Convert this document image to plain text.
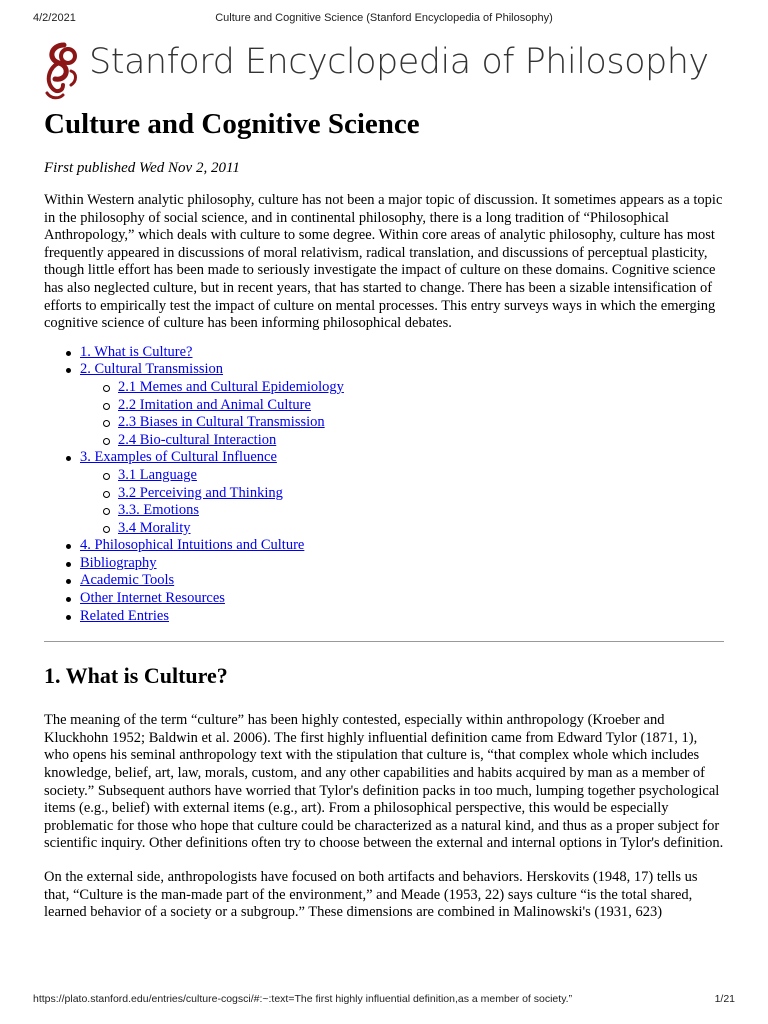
4/2/2021	Culture and Cognitive Science (Stanford Encyclopedia of Philosophy)
Stanford Encyclopedia of Philosophy
Culture and Cognitive Science
First published Wed Nov 2, 2011
Within Western analytic philosophy, culture has not been a major topic of discussion. It sometimes appears as a topic in the philosophy of social science, and in continental philosophy, there is a long tradition of “Philosophical Anthropology,” which deals with culture to some degree. Within core areas of analytic philosophy, culture has most frequently appeared in discussions of moral relativism, radical translation, and discussions of perceptual plasticity, though little effort has been made to seriously investigate the impact of culture on these domains. Cognitive science has also neglected culture, but in recent years, that has started to change. There has been a sizable intensification of efforts to empirically test the impact of culture on mental processes. This entry surveys ways in which the emerging cognitive science of culture has been informing philosophical debates.
1. What is Culture?
2. Cultural Transmission
2.1 Memes and Cultural Epidemiology
2.2 Imitation and Animal Culture
2.3 Biases in Cultural Transmission
2.4 Bio-cultural Interaction
3. Examples of Cultural Influence
3.1 Language
3.2 Perceiving and Thinking
3.3. Emotions
3.4 Morality
4. Philosophical Intuitions and Culture
Bibliography
Academic Tools
Other Internet Resources
Related Entries
1. What is Culture?

The meaning of the term “culture” has been highly contested, especially within anthropology (Kroeber and Kluckhohn 1952; Baldwin et al. 2006). The first highly influential definition came from Edward Tylor (1871, 1), who opens his seminal anthropology text with the stipulation that culture is, “that complex whole which includes knowledge, belief, art, law, morals, custom, and any other capabilities and habits acquired by man as a member of society.” Subsequent authors have worried that Tylor's definition packs in too much, lumping together psychological items (e.g., belief) with external items (e.g., art). From a philosophical perspective, this would be especially problematic for those who hope that culture could be characterized as a natural kind, and thus as a proper subject for scientific inquiry. Other definitions often try to choose between the external and internal options in Tylor's definition.

On the external side, anthropologists have focused on both artifacts and behaviors. Herskovits (1948, 17) tells us that, “Culture is the man-made part of the environment,” and Meade (1953, 22) says culture “is the total shared, learned behavior of a society or a subgroup.” These dimensions are combined in Malinowski's (1931, 623)

https://plato.stanford.edu/entries/culture-cogsci/#:~:text=The first highly influential definition,as a member of society.”	1/21
